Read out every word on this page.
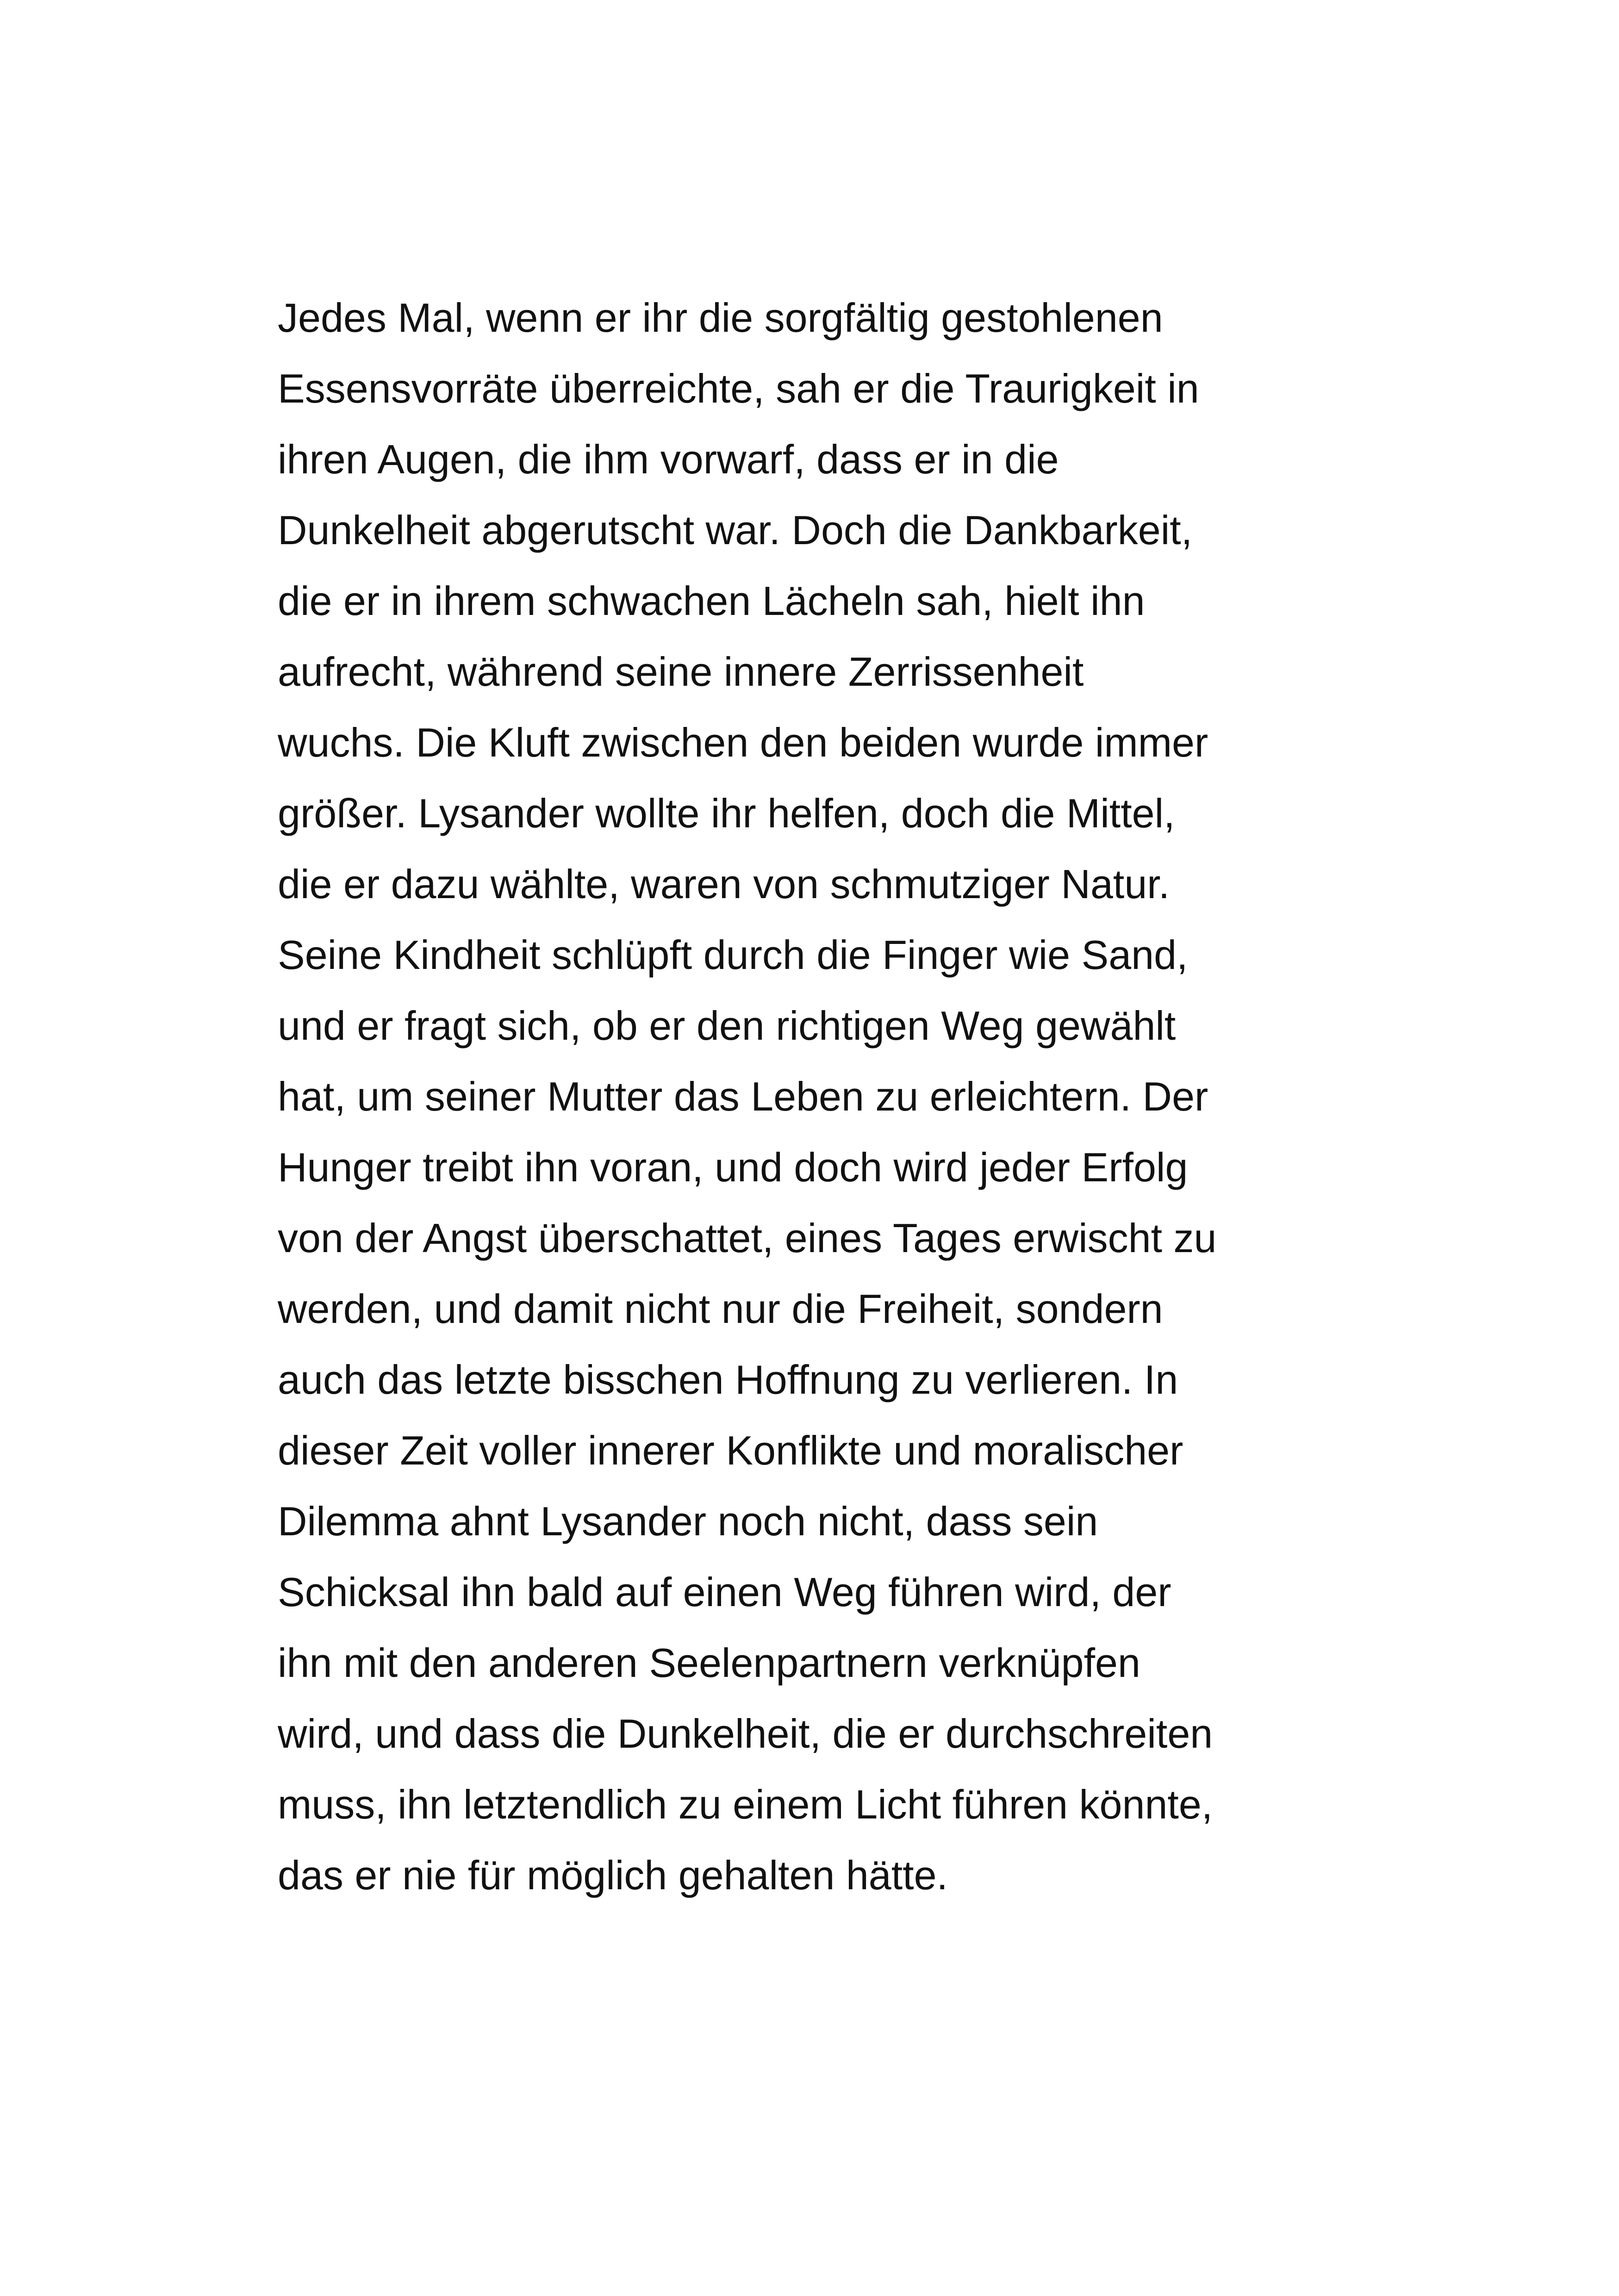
Jedes Mal, wenn er ihr die sorgfältig gestohlenen
Essensvorräte überreichte, sah er die Traurigkeit in
ihren Augen, die ihm vorwarf, dass er in die
Dunkelheit abgerutscht war. Doch die Dankbarkeit,
die er in ihrem schwachen Lächeln sah, hielt ihn
aufrecht, während seine innere Zerrissenheit
wuchs. Die Kluft zwischen den beiden wurde immer
größer. Lysander wollte ihr helfen, doch die Mittel,
die er dazu wählte, waren von schmutziger Natur.
Seine Kindheit schlüpft durch die Finger wie Sand,
und er fragt sich, ob er den richtigen Weg gewählt
hat, um seiner Mutter das Leben zu erleichtern. Der
Hunger treibt ihn voran, und doch wird jeder Erfolg
von der Angst überschattet, eines Tages erwischt zu
werden, und damit nicht nur die Freiheit, sondern
auch das letzte bisschen Hoffnung zu verlieren. In
dieser Zeit voller innerer Konflikte und moralischer
Dilemma ahnt Lysander noch nicht, dass sein
Schicksal ihn bald auf einen Weg führen wird, der
ihn mit den anderen Seelenpartnern verknüpfen
wird, und dass die Dunkelheit, die er durchschreiten
muss, ihn letztendlich zu einem Licht führen könnte,
das er nie für möglich gehalten hätte.
